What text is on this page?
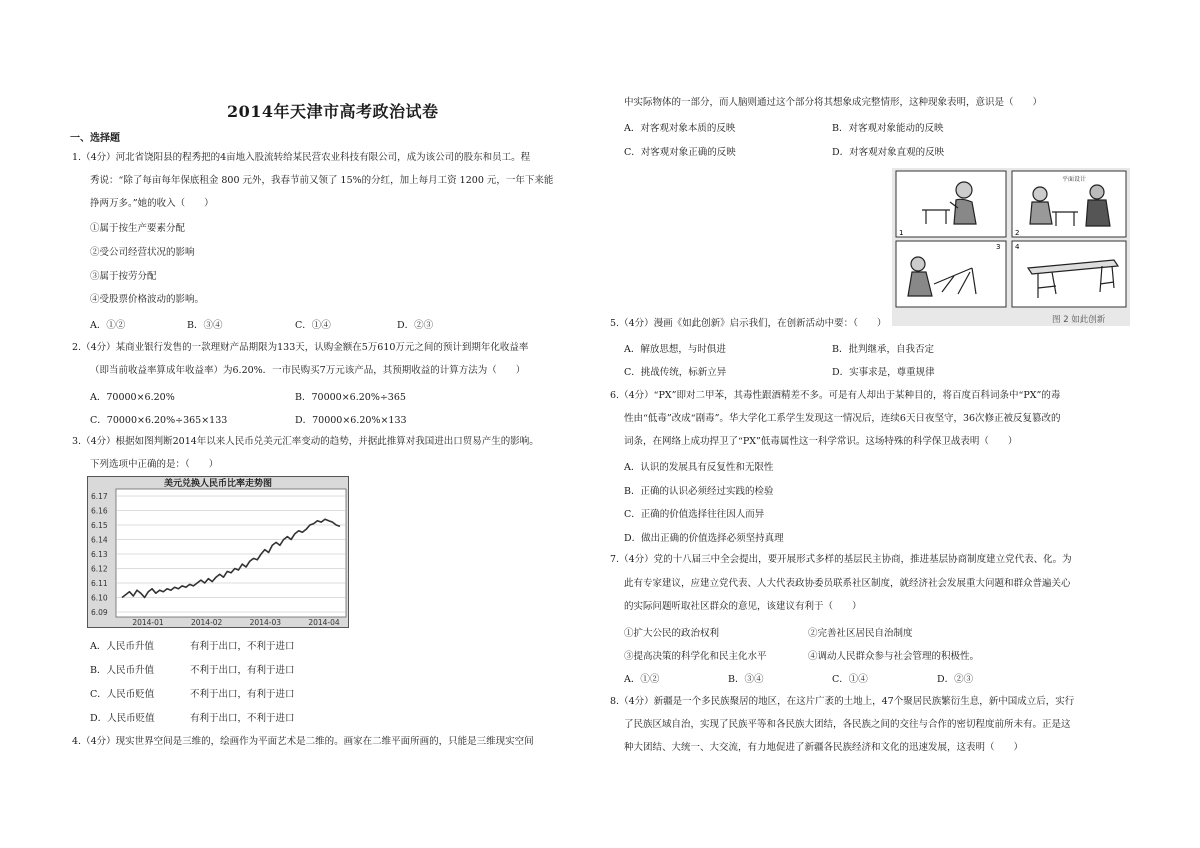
2014年天津市高考政治试卷
一、选择题
1.（4分）河北省饶阳县的程秀把的4亩地入股流转给某民营农业科技有限公司，成为该公司的股东和员工。程
秀说：“除了每亩每年保底租金 800 元外，我春节前又领了 15%的分红，加上每月工资 1200 元，一年下来能
挣两万多。”她的收入（　　）
①属于按生产要素分配
②受公司经营状况的影响
③属于按劳分配
④受股票价格波动的影响。
A．①②	B．③④	C．①④	D．②③
2.（4分）某商业银行发售的一款理财产品期限为133天，认购金额在5万610万元之间的预计到期年化收益率
（即当前收益率算成年收益率）为6.20%．一市民购买7万元该产品，其预期收益的计算方法为（　　）
A．70000×6.20%	B．70000×6.20%÷365
C．70000×6.20%÷365×133	D．70000×6.20%×133
3.（4分）根据如图判断2014年以来人民币兑美元汇率变动的趋势，并据此推算对我国进出口贸易产生的影响。
下列选项中正确的是：（　　）
美元兑换人民币比率走势图
6.17
6.16
6.15
6.14
6.13
6.12
6.11
6.10
6.09
2014-01	2014-02	2014-03	2014-04
A．人民币升值	有利于出口，不利于进口
B．人民币升值	不利于出口，有利于进口
C．人民币贬值	不利于出口，有利于进口
D．人民币贬值	有利于出口，不利于进口
4.（4分）现实世界空间是三维的，绘画作为平面艺术是二维的。画家在二维平面所画的，只能是三维现实空间
中实际物体的一部分，而人脑则通过这个部分将其想象成完整情形，这种现象表明，意识是（　　）
A．对客观对象本质的反映	B．对客观对象能动的反映
C．对客观对象正确的反映	D．对客观对象直观的反映
1	2
平面设计
3 4
图 2 如此创新
5.（4分）漫画《如此创新》启示我们，在创新活动中要：（　　）
A．解放思想，与时俱进	B．批判继承，自我否定
C．挑战传统，标新立异	D．实事求是，尊重规律
6.（4分）“PX”即对二甲苯，其毒性跟酒精差不多。可是有人却出于某种目的，将百度百科词条中“PX”的毒
性由“低毒”改成“剧毒”。华大学化工系学生发现这一情况后，连续6天日夜坚守，36次修正被反复篡改的
词条，在网络上成功捍卫了“PX”低毒属性这一科学常识。这场特殊的科学保卫战表明（　　）
A．认识的发展具有反复性和无限性
B．正确的认识必须经过实践的检验
C．正确的价值选择往往因人而异
D．做出正确的价值选择必须坚持真理
7.（4分）党的十八届三中全会提出，要开展形式多样的基层民主协商，推进基层协商制度建立党代表、化。为
此有专家建议，应建立党代表、人大代表政协委员联系社区制度，就经济社会发展重大问题和群众普遍关心
的实际问题听取社区群众的意见，该建议有利于（　　）
①扩大公民的政治权利	②完善社区居民自治制度
③提高决策的科学化和民主化水平	④调动人民群众参与社会管理的积极性。
A．①②	B．③④	C．①④	D．②③
8.（4分）新疆是一个多民族聚居的地区，在这片广袤的土地上，47个聚居民族繁衍生息，新中国成立后，实行
了民族区域自治，实现了民族平等和各民族大团结，各民族之间的交往与合作的密切程度前所未有。正是这
种大团结、大统一、大交流，有力地促进了新疆各民族经济和文化的迅速发展，这表明（　　）
